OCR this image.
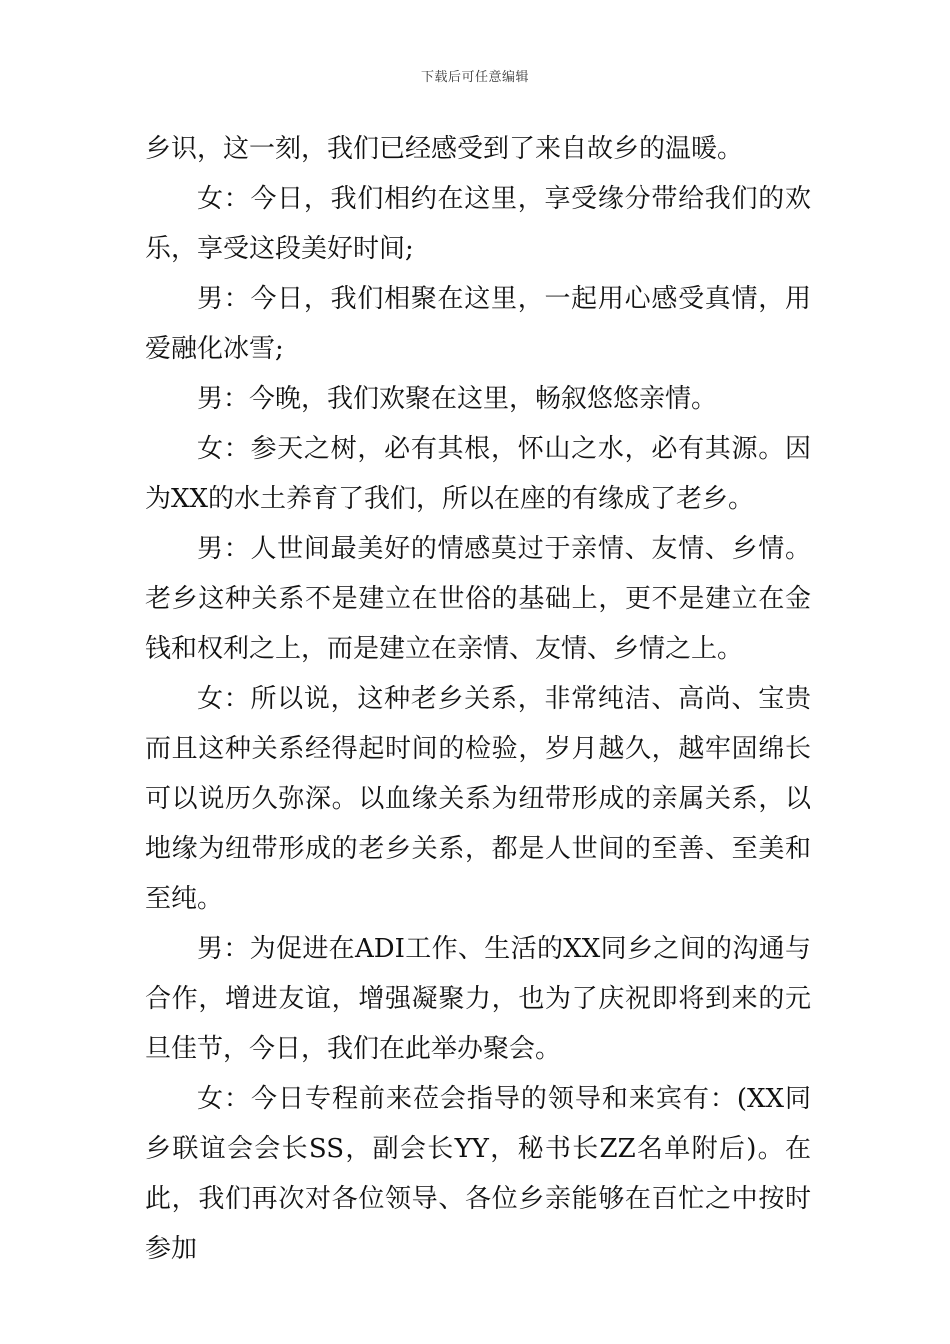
下载后可任意编辑

乡识，这一刻，我们已经感受到了来自故乡的温暖。

女：今日，我们相约在这里，享受缘分带给我们的欢乐，享受这段美好时间;

男：今日，我们相聚在这里，一起用心感受真情，用爱融化冰雪;

男：今晚，我们欢聚在这里，畅叙悠悠亲情。

女：参天之树，必有其根，怀山之水，必有其源。因为XX的水土养育了我们，所以在座的有缘成了老乡。

男：人世间最美好的情感莫过于亲情、友情、乡情。老乡这种关系不是建立在世俗的基础上，更不是建立在金钱和权利之上，而是建立在亲情、友情、乡情之上。

女：所以说，这种老乡关系，非常纯洁、高尚、宝贵而且这种关系经得起时间的检验，岁月越久，越牢固绵长可以说历久弥深。以血缘关系为纽带形成的亲属关系，以地缘为纽带形成的老乡关系，都是人世间的至善、至美和至纯。

男：为促进在ADI工作、生活的XX同乡之间的沟通与合作，增进友谊，增强凝聚力，也为了庆祝即将到来的元旦佳节，今日，我们在此举办聚会。

女：今日专程前来莅会指导的领导和来宾有：(XX同乡联谊会会长SS，副会长YY，秘书长ZZ名单附后)。在此，我们再次对各位领导、各位乡亲能够在百忙之中按时参加
